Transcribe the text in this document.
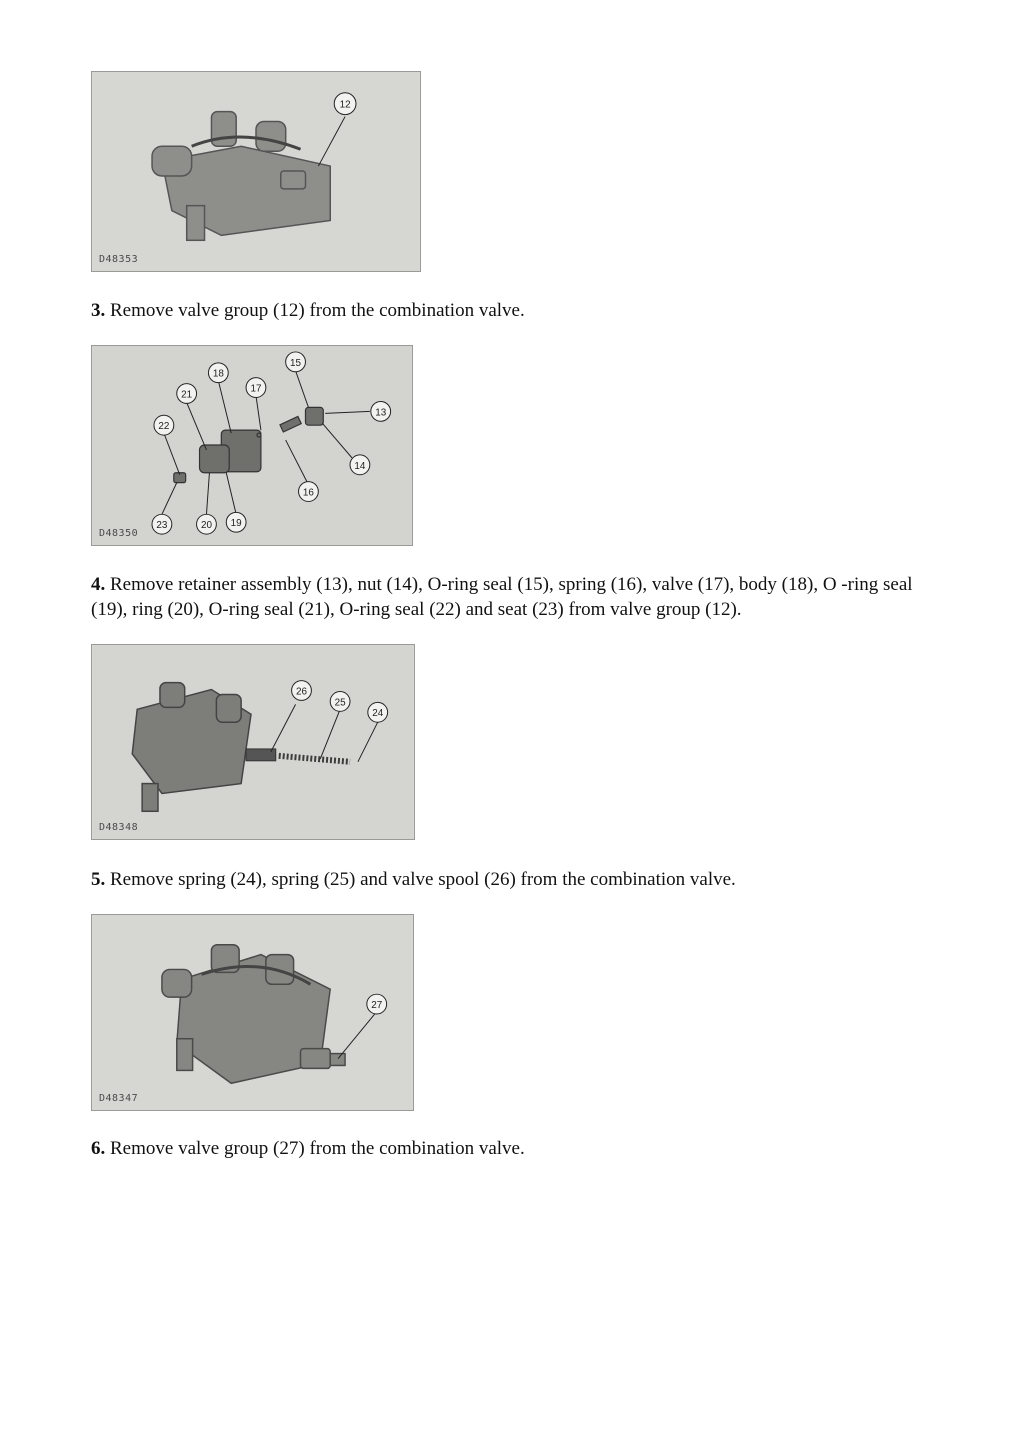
12
D48353

3. Remove valve group (12) from the combination valve.

22
21
18
17
15
13
14
16
19
20
23
D48350

4. Remove retainer assembly (13), nut (14), O-ring seal (15), spring (16), valve (17), body (18), O -ring seal (19), ring (20), O-ring seal (21), O-ring seal (22) and seat (23) from valve group (12).

26
25
24
D48348

5. Remove spring (24), spring (25) and valve spool (26) from the combination valve.

27
D48347

6. Remove valve group (27) from the combination valve.
